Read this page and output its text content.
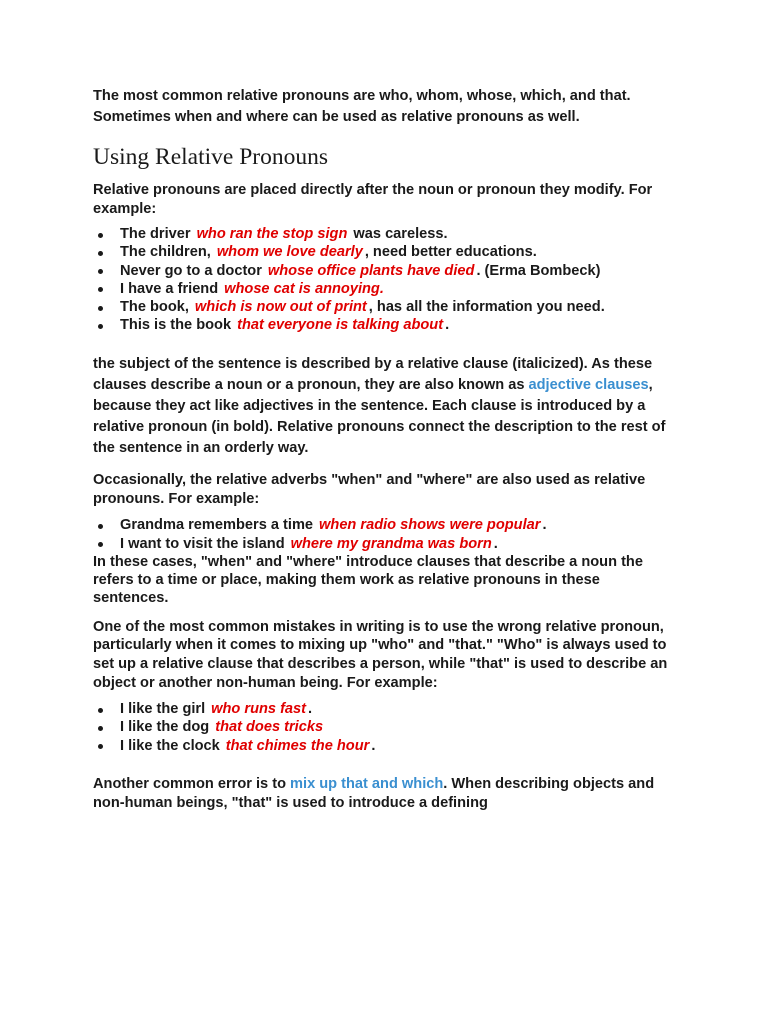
The most common relative pronouns are who, whom, whose, which, and that. Sometimes when and where can be used as relative pronouns as well.

Using Relative Pronouns

Relative pronouns are placed directly after the noun or pronoun they modify. For example:

The driver who ran the stop sign was careless.
The children, whom we love dearly , need better educations.
Never go to a doctor whose office plants have died . (Erma Bombeck)
I have a friend whose cat is annoying.
The book, which is now out of print , has all the information you need.
This is the book that everyone is talking about .

the subject of the sentence is described by a relative clause (italicized). As these clauses describe a noun or a pronoun, they are also known as adjective clauses, because they act like adjectives in the sentence. Each clause is introduced by a relative pronoun (in bold). Relative pronouns connect the description to the rest of the sentence in an orderly way.

Occasionally, the relative adverbs "when" and "where" are also used as relative pronouns. For example:

Grandma remembers a time when radio shows were popular .
I want to visit the island where my grandma was born .

In these cases, "when" and "where" introduce clauses that describe a noun the refers to a time or place, making them work as relative pronouns in these sentences.

One of the most common mistakes in writing is to use the wrong relative pronoun, particularly when it comes to mixing up "who" and "that." "Who" is always used to set up a relative clause that describes a person, while "that" is used to describe an object or another non-human being. For example:

I like the girl who runs fast .
I like the dog that does tricks
I like the clock that chimes the hour .

Another common error is to mix up that and which. When describing objects and non-human beings, "that" is used to introduce a defining
